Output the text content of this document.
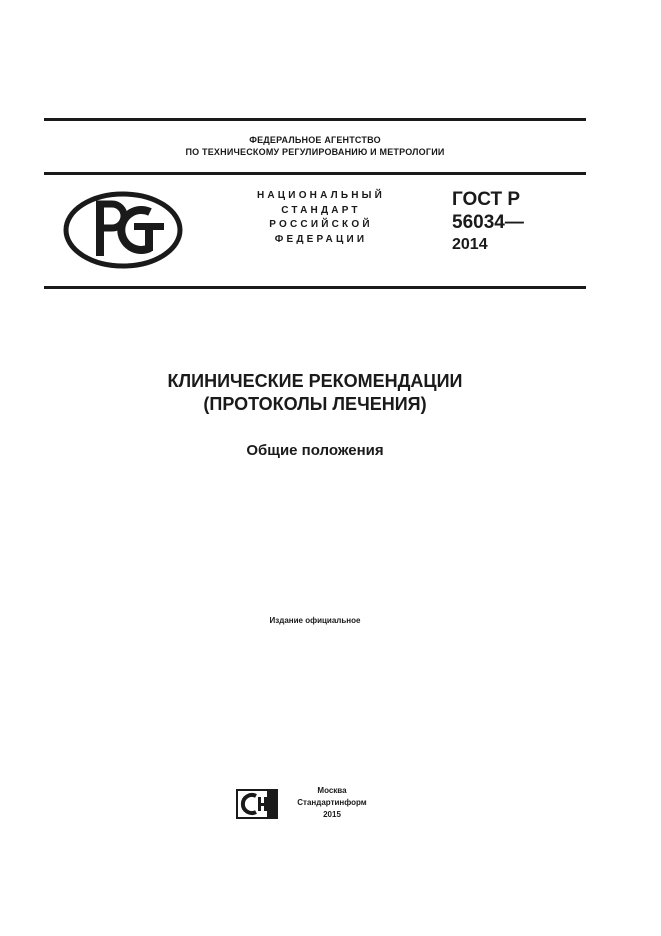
ФЕДЕРАЛЬНОЕ АГЕНТСТВО
ПО ТЕХНИЧЕСКОМУ РЕГУЛИРОВАНИЮ И МЕТРОЛОГИИ
НАЦИОНАЛЬНЫЙ
СТАНДАРТ
РОССИЙСКОЙ
ФЕДЕРАЦИИ
ГОСТ Р
56034—
2014
КЛИНИЧЕСКИЕ РЕКОМЕНДАЦИИ
(ПРОТОКОЛЫ ЛЕЧЕНИЯ)
Общие положения
Издание официальное
Москва
Стандартинформ
2015
